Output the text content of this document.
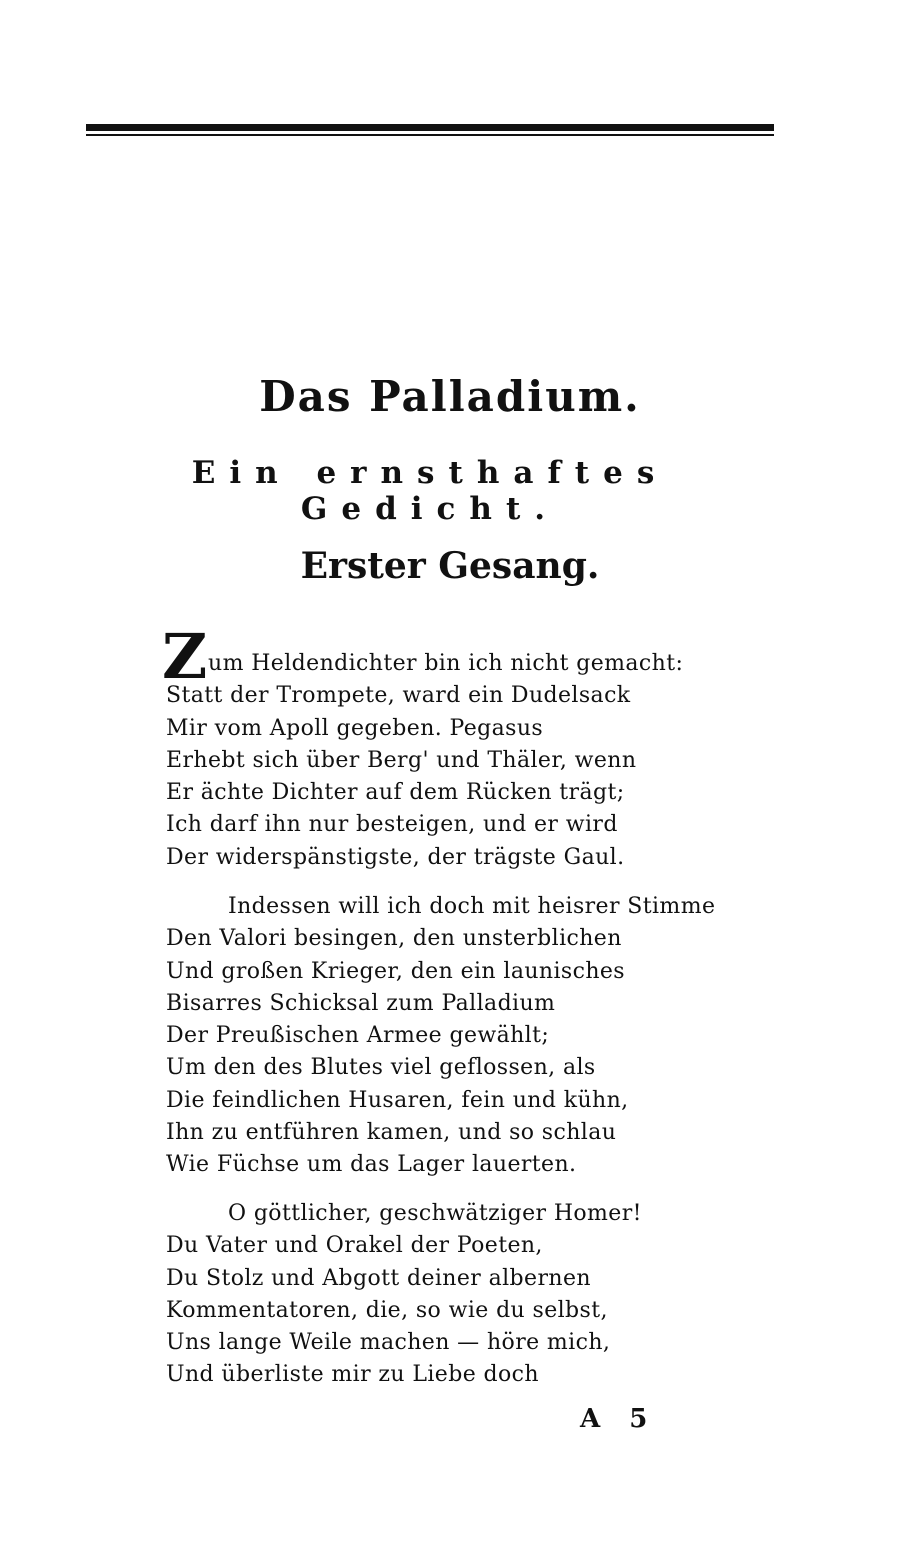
Das Palladium.
Ein ernsthaftes Gedicht.
Erster Gesang.
Z um Heldendichter bin ich nicht gemacht:
Statt der Trompete, ward ein Dudelsack
Mir vom Apoll gegeben. Pegasus
Erhebt sich über Berg' und Thäler, wenn
Er ächte Dichter auf dem Rücken trägt;
Ich darf ihn nur besteigen, und er wird
Der widerspänstigste, der trägste Gaul.
Indessen will ich doch mit heisrer Stimme
Den Valori besingen, den unsterblichen
Und großen Krieger, den ein launisches
Bisarres Schicksal zum Palladium
Der Preußischen Armee gewählt;
Um den des Blutes viel geflossen, als
Die feindlichen Husaren, fein und kühn,
Ihn zu entführen kamen, und so schlau
Wie Füchse um das Lager lauerten.
O göttlicher, geschwätziger Homer!
Du Vater und Orakel der Poeten,
Du Stolz und Abgott deiner albernen
Kommentatoren, die, so wie du selbst,
Uns lange Weile machen — höre mich,
Und überliste mir zu Liebe doch
A 5
